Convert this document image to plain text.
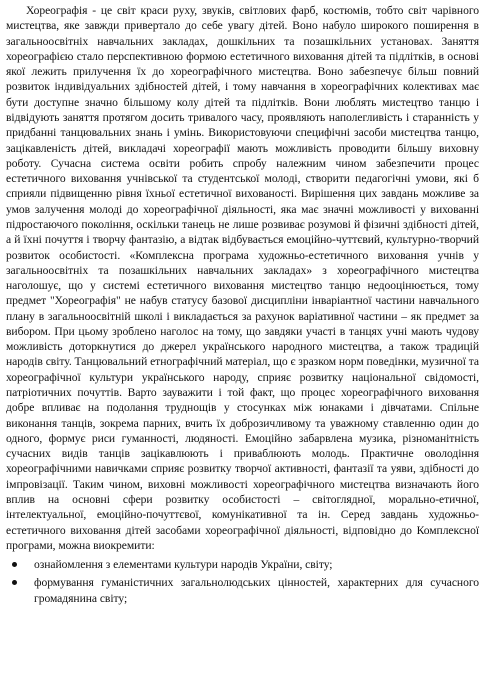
Хореографія - це світ краси руху, звуків, світлових фарб, костюмів, тобто світ чарівного мистецтва, яке завжди привертало до себе увагу дітей. Воно набуло широкого поширення в загальноосвітніх навчальних закладах, дошкільних та позашкільних установах. Заняття хореографією стало перспективною формою естетичного виховання дітей та підлітків, в основі якої лежить прилучення їх до хореографічного мистецтва. Воно забезпечує більш повний розвиток індивідуальних здібностей дітей, і тому навчання в хореографічних колективах має бути доступне значно більшому колу дітей та підлітків. Вони люблять мистецтво танцю і відвідують заняття протягом досить тривалого часу, проявляють наполегливість і старанність у придбанні танцювальних знань і умінь. Використовуючи специфічні засоби мистецтва танцю, зацікавленість дітей, викладачі хореографії мають можливість проводити більшу виховну роботу. Сучасна система освіти робить спробу належним чином забезпечити процес естетичного виховання учнівської та студентської молоді, створити педагогічні умови, які б сприяли підвищенню рівня їхньої естетичної вихованості. Вирішення цих завдань можливе за умов залучення молоді до хореографічної діяльності, яка має значні можливості у вихованні підростаючого покоління, оскільки танець не лише розвиває розумові й фізичні здібності дітей, а й їхні почуття і творчу фантазію, а відтак відбувається емоційно-чуттєвий, культурно-творчий розвиток особистості. «Комплексна програма художньо-естетичного виховання учнів у загальноосвітніх та позашкільних навчальних закладах» з хореографічного мистецтва наголошує, що у системі естетичного виховання мистецтво танцю недооцінюється, тому предмет "Хореографія" не набув статусу базової дисципліни інваріантної частини навчального плану в загальноосвітній школі і викладається за рахунок варіативної частини – як предмет за вибором. При цьому зроблено наголос на тому, що завдяки участі в танцях учні мають чудову можливість доторкнутися до джерел українського народного мистецтва, а також традицій народів світу. Танцювальний етнографічний матеріал, що є зразком норм поведінки, музичної та хореографічної культури українського народу, сприяє розвитку національної свідомості, патріотичних почуттів. Варто зауважити і той факт, що процес хореографічного виховання добре впливає на подолання труднощів у стосунках між юнаками і дівчатами. Спільне виконання танців, зокрема парних, вчить їх доброзичливому та уважному ставленню один до одного, формує риси гуманності, людяності. Емоційно забарвлена музика, різноманітність сучасних видів танців зацікавлюють і приваблюють молодь. Практичне оволодіння хореографічними навичками сприяє розвитку творчої активності, фантазії та уяви, здібності до імпровізації. Таким чином, виховні можливості хореографічного мистецтва визначають його вплив на основні сфери розвитку особистості – світоглядної, морально-етичної, інтелектуальної, емоційно-почуттєвої, комунікативної та ін. Серед завдань художньо-естетичного виховання дітей засобами хореографічної діяльності, відповідно до Комплексної програми, можна виокремити:

ознайомлення з елементами культури народів України, світу;
формування гуманістичних загальнолюдських цінностей, характерних для сучасного громадянина світу;
